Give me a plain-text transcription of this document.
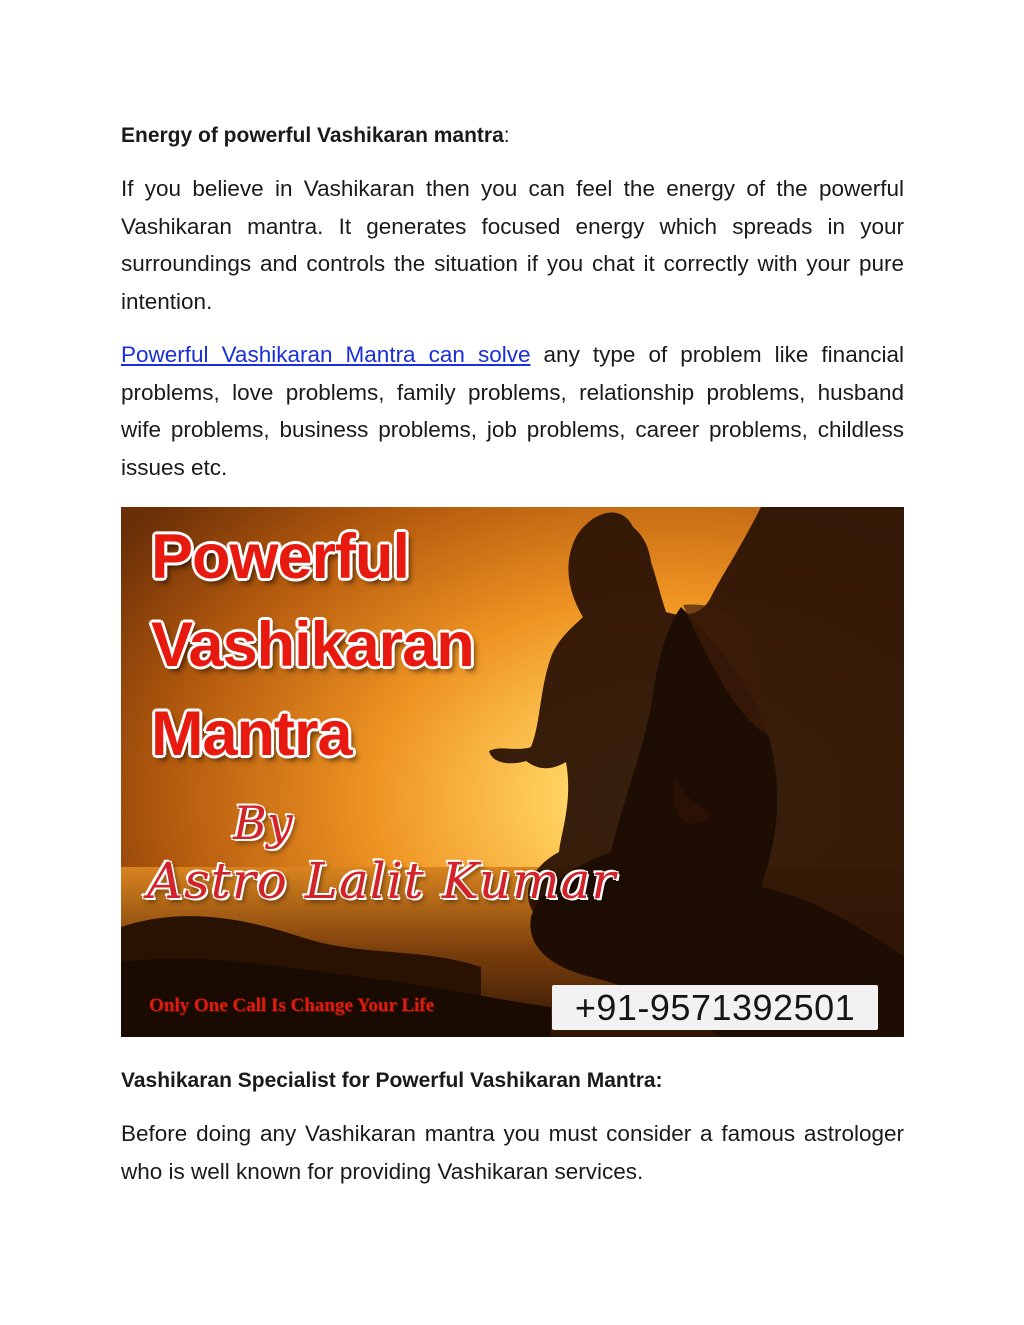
Energy of powerful Vashikaran mantra:

If you believe in Vashikaran then you can feel the energy of the powerful Vashikaran mantra. It generates focused energy which spreads in your surroundings and controls the situation if you chat it correctly with your pure intention.

Powerful Vashikaran Mantra can solve any type of problem like financial problems, love problems, family problems, relationship problems, husband wife problems, business problems, job problems, career problems, childless issues etc.

Powerful
Vashikaran
Mantra
By
Astro Lalit Kumar
Only One Call Is Change Your Life	+91-9571392501
Vashikaran Specialist for Powerful Vashikaran Mantra:

Before doing any Vashikaran mantra you must consider a famous astrologer who is well known for providing Vashikaran services.
